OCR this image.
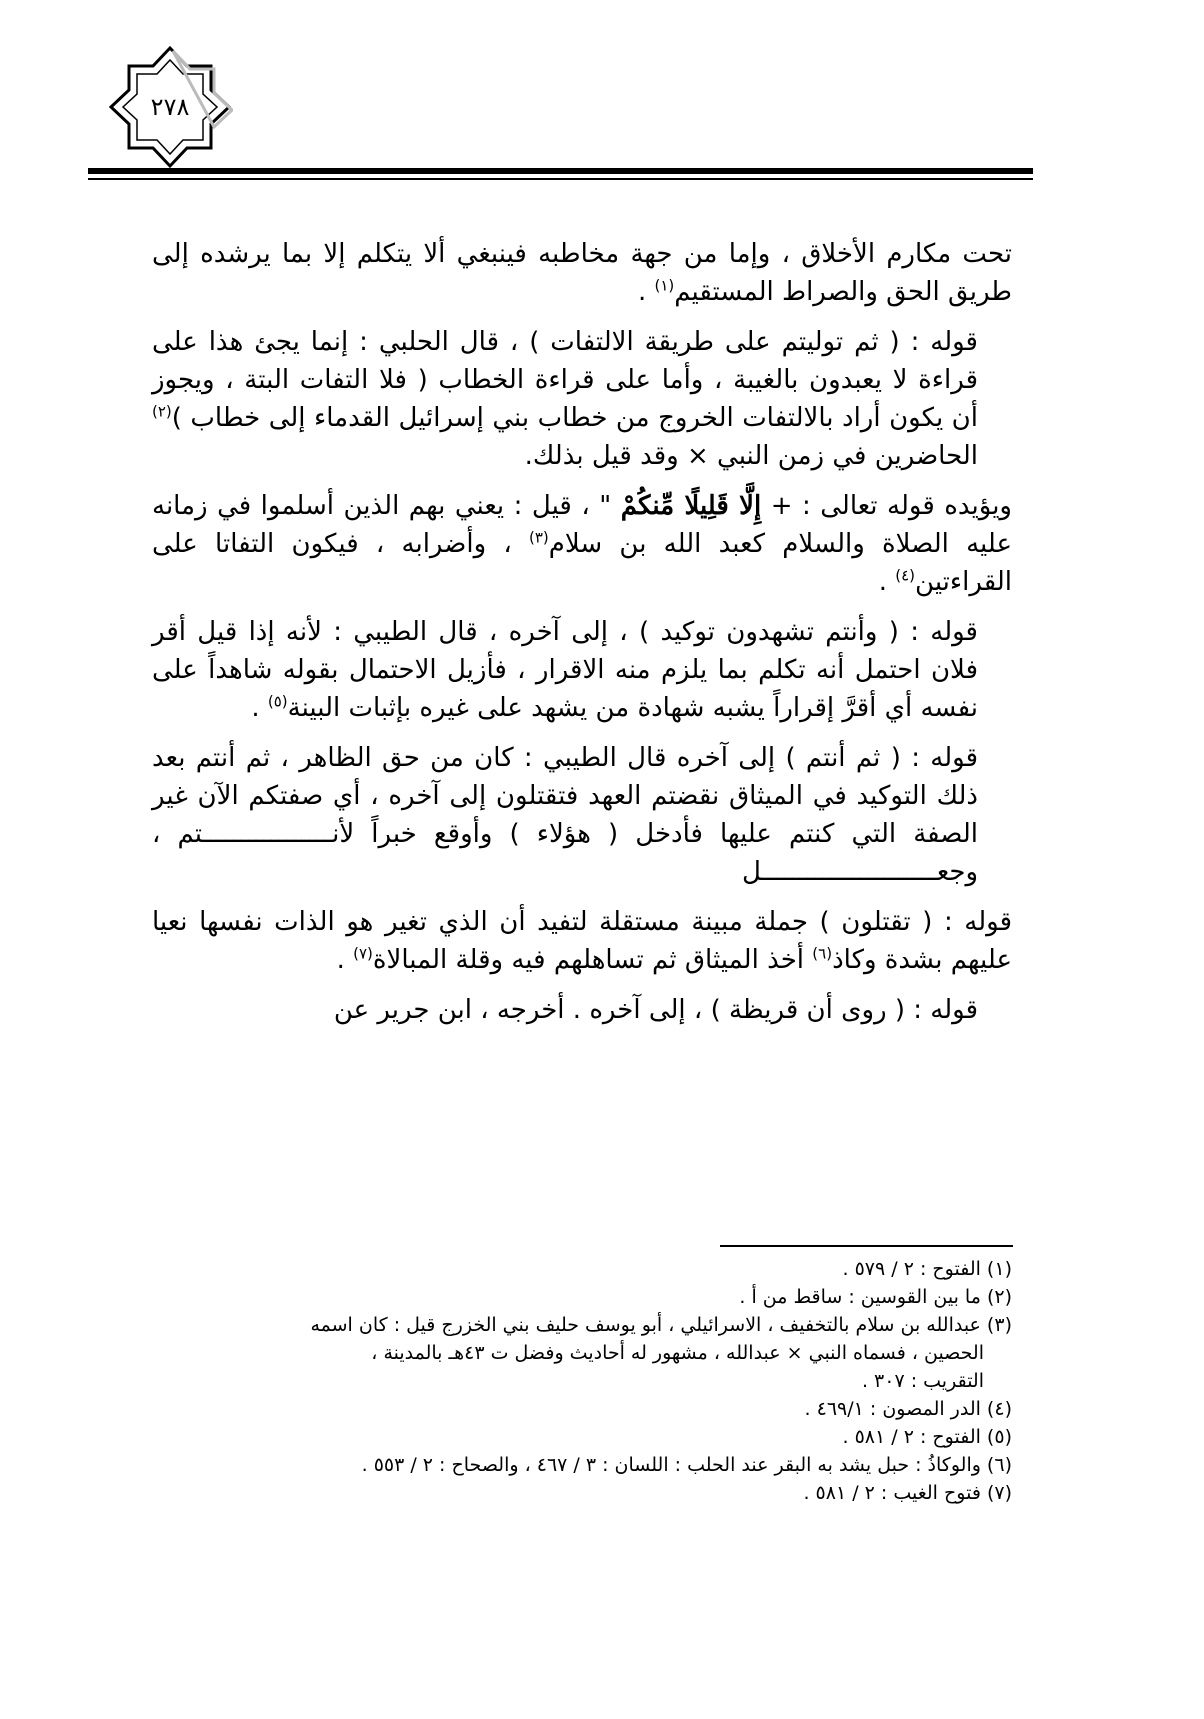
٢٧٨

تحت مكارم الأخلاق ، وإما من جهة مخاطبه فينبغي ألا يتكلم إلا بما يرشده إلى طريق الحق والصراط المستقيم$^{(١)}$ .

قوله : ( ثم توليتم على طريقة الالتفات ) ، قال الحلبي : إنما يجئ هذا على قراءة لا يعبدون بالغيبة ، وأما على قراءة الخطاب ( فلا التفات البتة ، ويجوز أن يكون أراد بالالتفات الخروج من خطاب بني إسرائيل القدماء إلى خطاب )$^{(٢)}$ الحاضرين في زمن النبي × وقد قيل بذلك.

ويؤيده قوله تعالى : + إِلَّا قَلِيلًا مِّنكُمْ " ، قيل : يعني بهم الذين أسلموا في زمانه عليه الصلاة والسلام كعبد الله بن سلام$^{(٣)}$ ، وأضرابه ، فيكون التفاتا على القراءتين$^{(٤)}$ .

قوله : ( وأنتم تشهدون توكيد ) ، إلى آخره ، قال الطيبي : لأنه إذا قيل أقر فلان احتمل أنه تكلم بما يلزم منه الاقرار ، فأزيل الاحتمال بقوله شاهداً على نفسه أي أقرَّ إقراراً يشبه شهادة من يشهد على غيره بإثبات البينة$^{(٥)}$ .

قوله : ( ثم أنتم ) إلى آخره قال الطيبي : كان من حق الظاهر ، ثم أنتم بعد ذلك التوكيد في الميثاق نقضتم العهد فتقتلون إلى آخره ، أي صفتكم الآن غير الصفة التي كنتم عليها فأدخل ( هؤلاء ) وأوقع خبراً لأنـــــــــــــــــتم ، وجعـــــــــــــــــــــــل

قوله : ( تقتلون ) جملة مبينة مستقلة لتفيد أن الذي تغير هو الذات نفسها نعيا عليهم بشدة وكاذ$^{(٦)}$ أخذ الميثاق ثم تساهلهم فيه وقلة المبالاة$^{(٧)}$ .

قوله : ( روى أن قريظة ) ، إلى آخره . أخرجه ، ابن جرير عن

(١) الفتوح : ٢ / ٥٧٩ .

(٢) ما بين القوسين : ساقط من أ .

(٣) عبدالله بن سلام بالتخفيف ، الاسرائيلي ، أبو يوسف حليف بني الخزرج قيل : كان اسمه

الحصين ، فسماه النبي × عبدالله ، مشهور له أحاديث وفضل ت ٤٣هـ بالمدينة ،

التقريب : ٣٠٧ .

(٤) الدر المصون : ٤٦٩/١ .

(٥) الفتوح : ٢ / ٥٨١ .

(٦) والوكاذُ : حبل يشد به البقر عند الحلب : اللسان : ٣ / ٤٦٧ ، والصحاح : ٢ / ٥٥٣ .

(٧) فتوح الغيب : ٢ / ٥٨١ .
